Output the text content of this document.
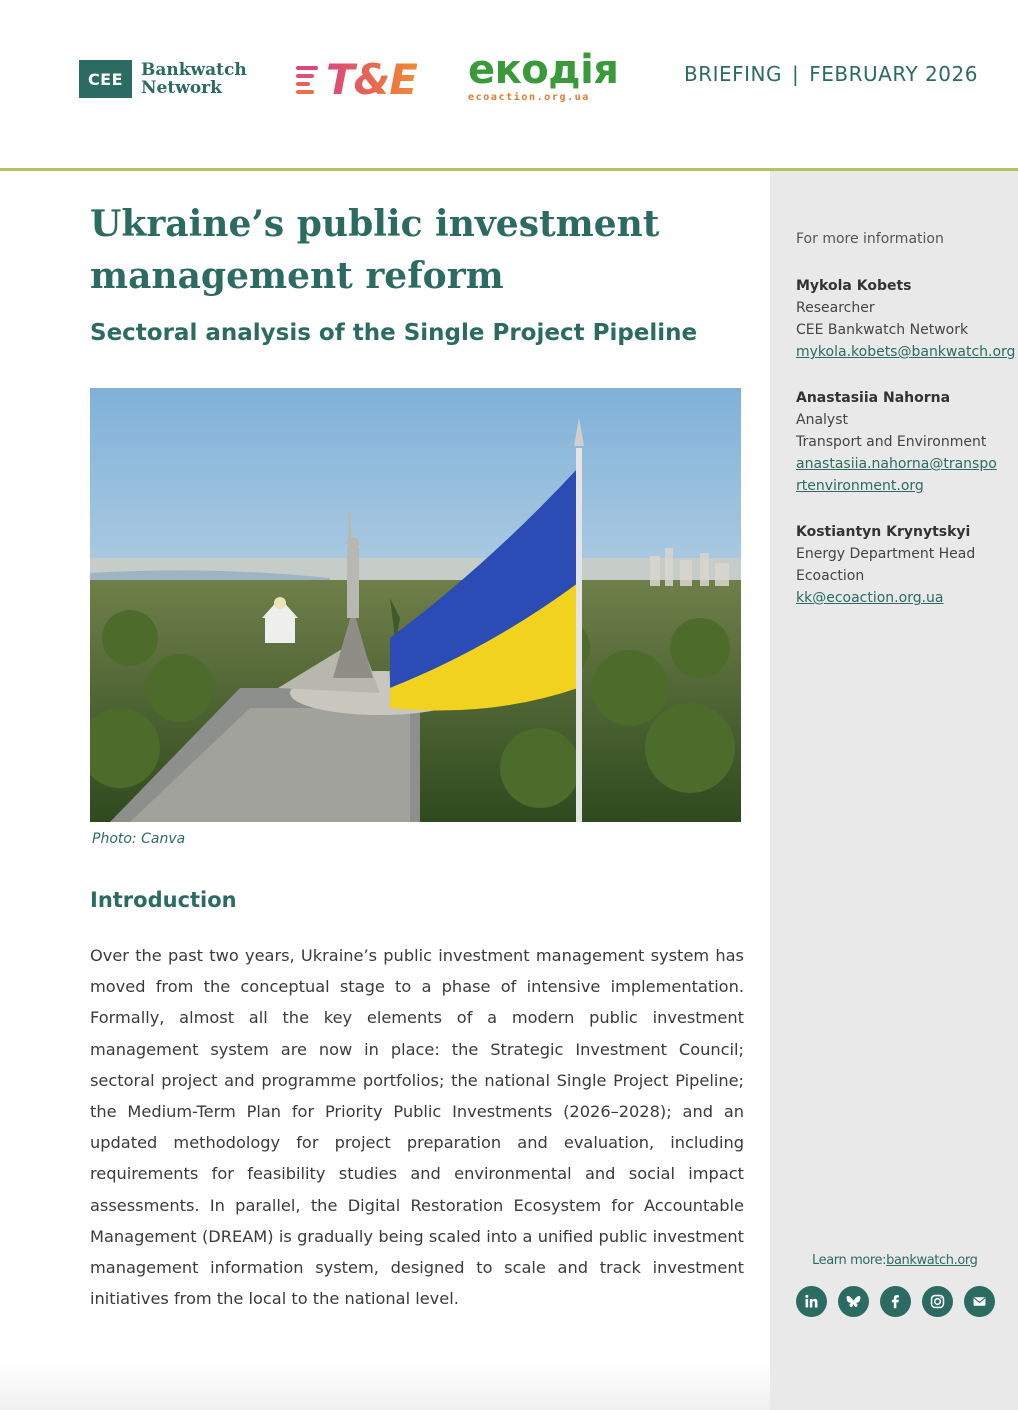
CEE	Bankwatch
Network	T&E екодія
ecoaction.org.ua
BRIEFING | FEBRUARY 2026
Ukraine’s public investment management reform
Sectoral analysis of the Single Project Pipeline
Photo: Canva
Introduction

Over the past two years, Ukraine’s public investment management system has moved from the conceptual stage to a phase of intensive implementation. Formally, almost all the key elements of a modern public investment management system are now in place: the Strategic Investment Council; sectoral project and programme portfolios; the national Single Project Pipeline; the Medium-Term Plan for Priority Public Investments (2026–2028); and an updated methodology for project preparation and evaluation, including requirements for feasibility studies and environmental and social impact assessments. In parallel, the Digital Restoration Ecosystem for Accountable Management (DREAM) is gradually being scaled into a unified public investment management information system, designed to scale and track investment initiatives from the local to the national level.

For more information
Mykola Kobets
Researcher
CEE Bankwatch Network
mykola.kobets@bankwatch.org
Anastasiia Nahorna
Analyst
Transport and Environment
anastasiia.nahorna@transportenvironment.org
Kostiantyn Krynytskyi
Energy Department Head
Ecoaction
kk@ecoaction.org.ua
Learn more:bankwatch.org
